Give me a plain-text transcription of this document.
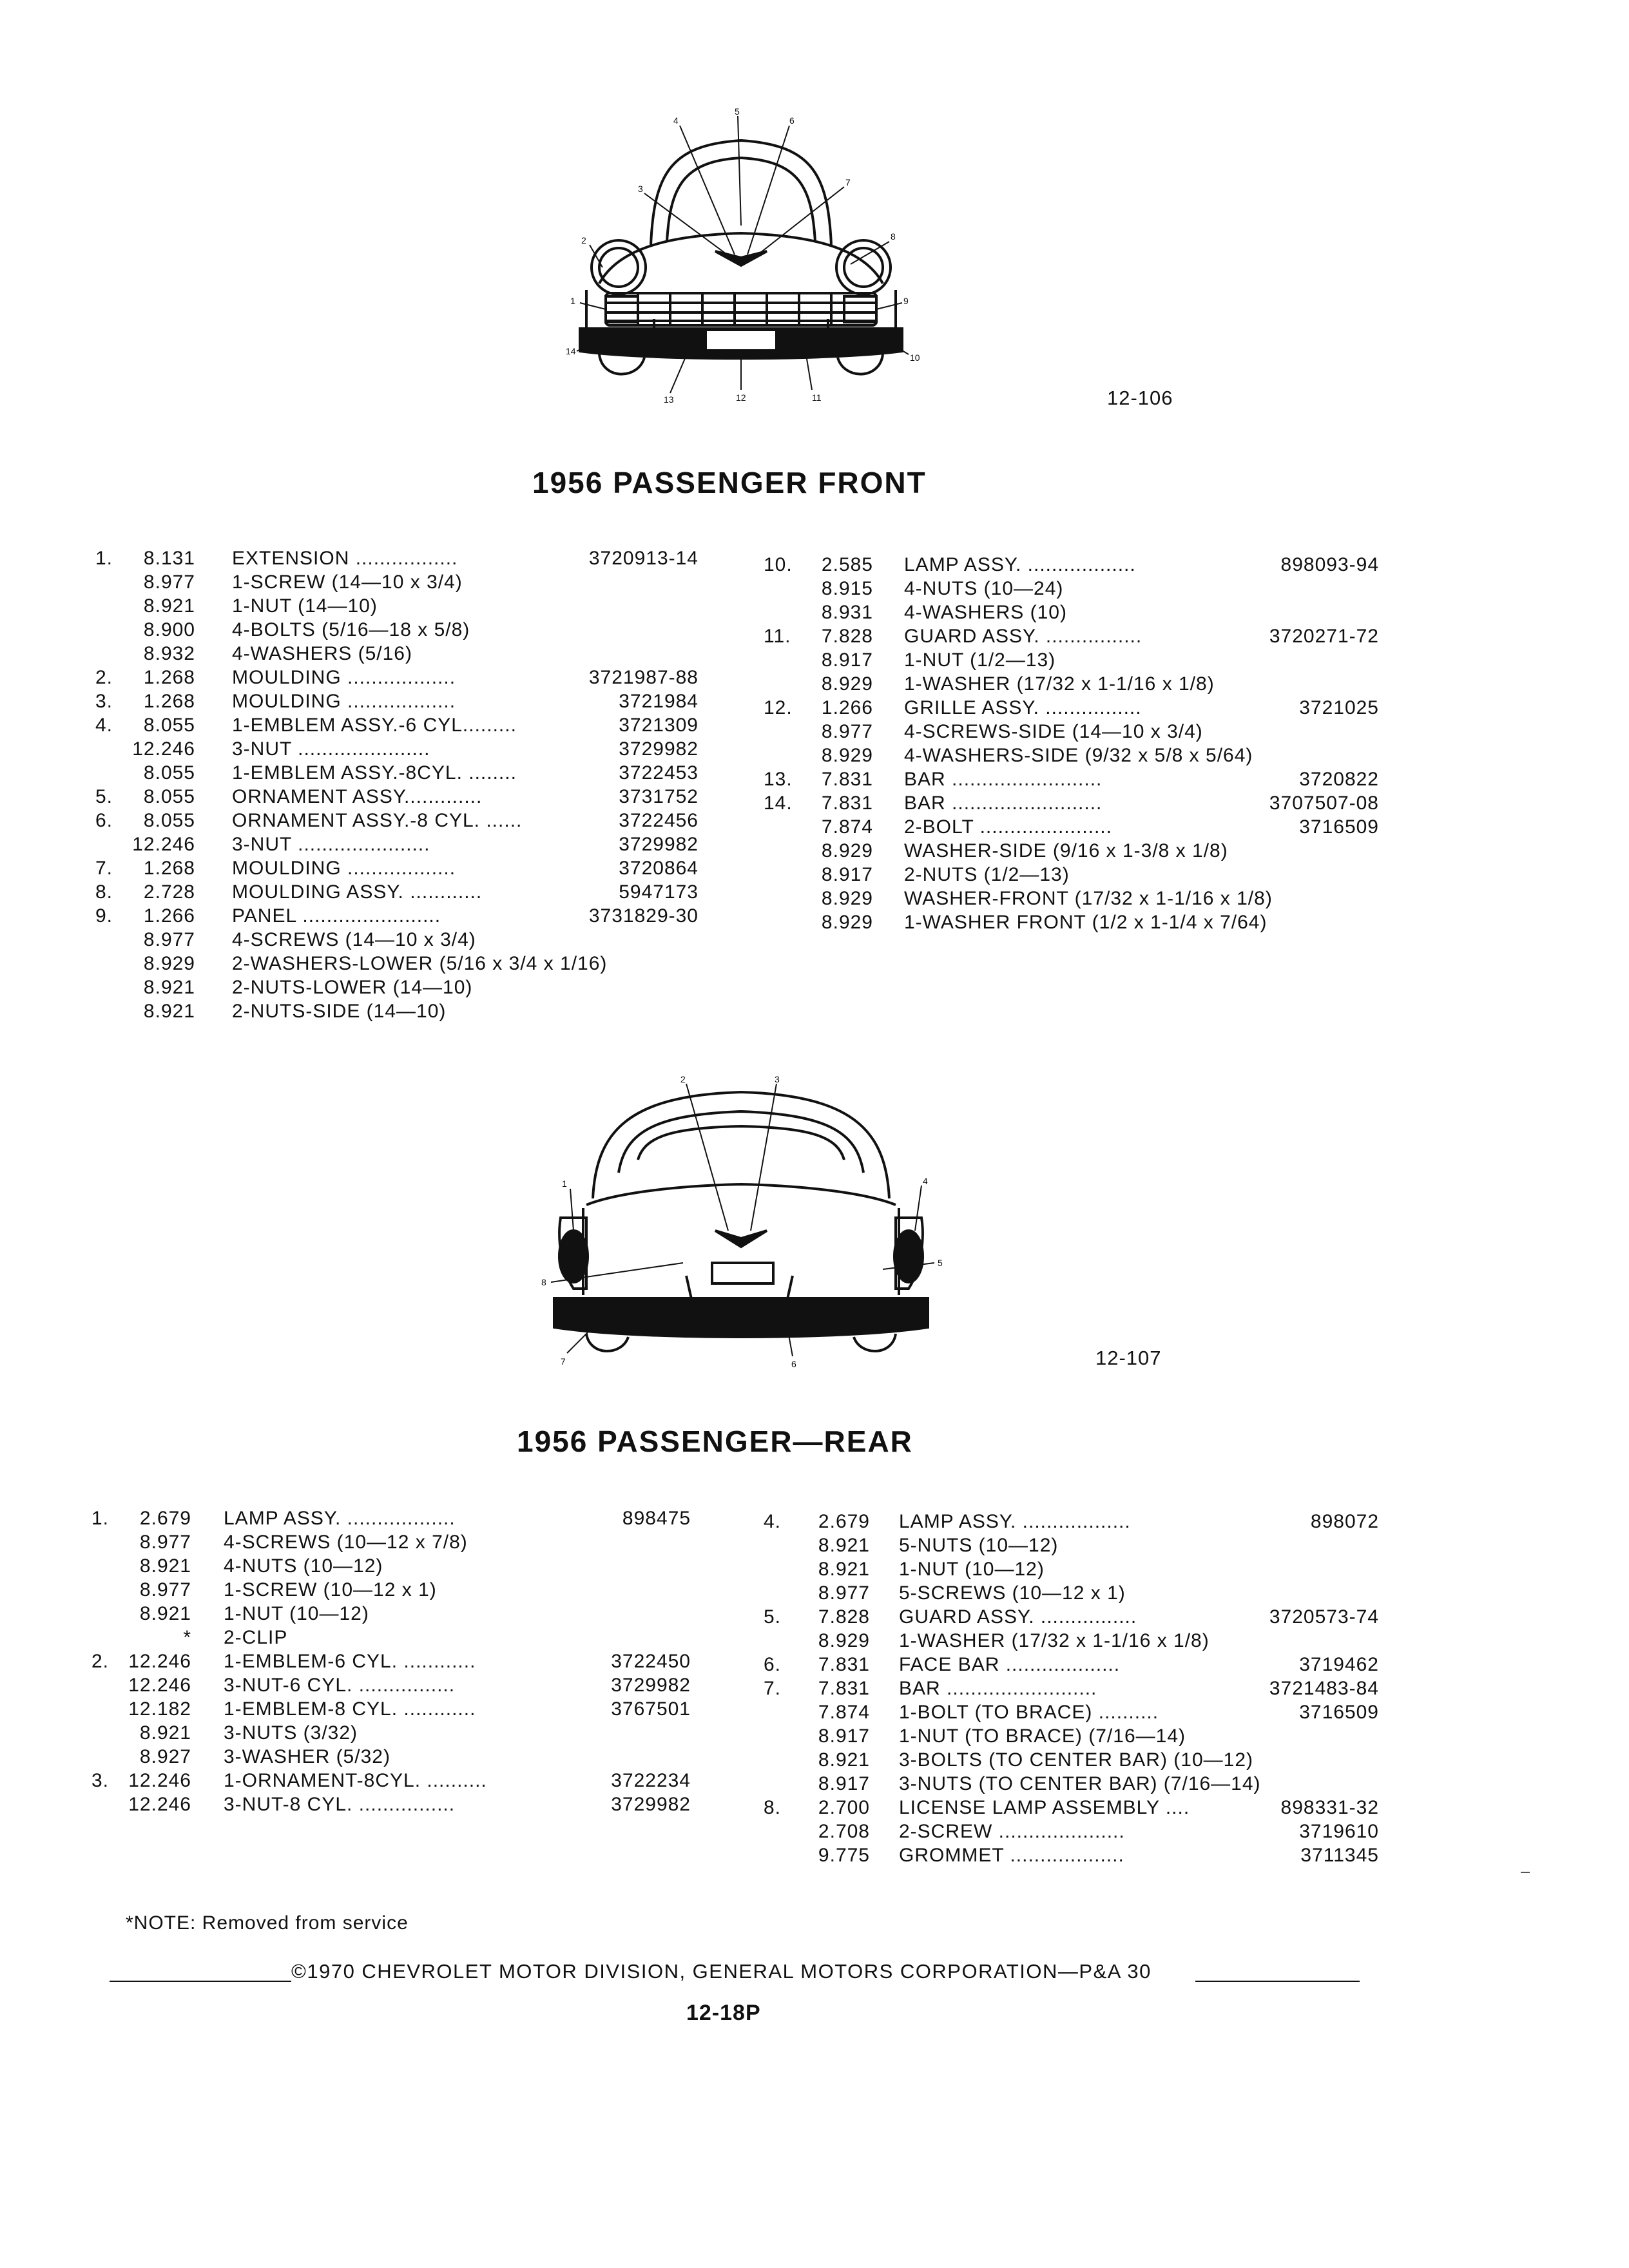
5
6
4
3
7
8
9
10
2
1
14
13	12	11	12-106
1956 PASSENGER FRONT
1. 8.131 EXTENSION .................	3720913-14
8.977 1-SCREW (14—10 x 3/4)
8.921 1-NUT (14—10)
8.900 4-BOLTS (5/16—18 x 5/8)
8.932 4-WASHERS (5/16)
2. 1.268 MOULDING ..................	3721987-88
3. 1.268 MOULDING ..................	3721984
4. 8.055 1-EMBLEM ASSY.-6 CYL.........	3721309
12.246 3-NUT ......................	3729982
8.055 1-EMBLEM ASSY.-8CYL. ........	3722453
5. 8.055 ORNAMENT ASSY.............	3731752
6. 8.055 ORNAMENT ASSY.-8 CYL. ......	3722456
12.246 3-NUT ......................	3729982
7. 1.268 MOULDING ..................	3720864
8. 2.728 MOULDING ASSY. ............	5947173
9. 1.266 PANEL .......................	3731829-30
8.977 4-SCREWS (14—10 x 3/4)
8.929 2-WASHERS-LOWER (5/16 x 3/4 x 1/16)
8.921 2-NUTS-LOWER (14—10)
8.921 2-NUTS-SIDE (14—10)
10. 2.585 LAMP ASSY. ..................	898093-94
8.915 4-NUTS (10—24)
8.931 4-WASHERS (10)
11. 7.828 GUARD ASSY. ................	3720271-72
8.917 1-NUT (1/2—13)
8.929 1-WASHER (17/32 x 1-1/16 x 1/8)
12. 1.266 GRILLE ASSY. ................	3721025
8.977 4-SCREWS-SIDE (14—10 x 3/4)
8.929 4-WASHERS-SIDE (9/32 x 5/8 x 5/64)
13. 7.831 BAR .........................	3720822
14. 7.831 BAR .........................	3707507-08
7.874 2-BOLT ......................	3716509
8.929 WASHER-SIDE (9/16 x 1-3/8 x 1/8)
8.917 2-NUTS (1/2—13)
8.929 WASHER-FRONT (17/32 x 1-1/16 x 1/8)
8.929 1-WASHER FRONT (1/2 x 1-1/4 x 7/64)
2	3
1	4
5
6
7
8
12-107
1956 PASSENGER—REAR
1. 2.679 LAMP ASSY. ..................	898475
8.977 4-SCREWS (10—12 x 7/8)
8.921 4-NUTS (10—12)
8.977 1-SCREW (10—12 x 1)
8.921 1-NUT (10—12)
* 2-CLIP
2. 12.246 1-EMBLEM-6 CYL. ............	3722450
12.246 3-NUT-6 CYL. ................	3729982
12.182 1-EMBLEM-8 CYL. ............	3767501
8.921 3-NUTS (3/32)
8.927 3-WASHER (5/32)
3. 12.246 1-ORNAMENT-8CYL. ..........	3722234
12.246 3-NUT-8 CYL. ................	3729982
4. 2.679 LAMP ASSY. ..................	898072
8.921 5-NUTS (10—12)
8.921 1-NUT (10—12)
8.977 5-SCREWS (10—12 x 1)
5. 7.828 GUARD ASSY. ................	3720573-74
8.929 1-WASHER (17/32 x 1-1/16 x 1/8)
6. 7.831 FACE BAR ...................	3719462
7. 7.831 BAR .........................	3721483-84
7.874 1-BOLT (TO BRACE) ..........	3716509
8.917 1-NUT (TO BRACE) (7/16—14)
8.921 3-BOLTS (TO CENTER BAR) (10—12)
8.917 3-NUTS (TO CENTER BAR) (7/16—14)
8. 2.700 LICENSE LAMP ASSEMBLY ....	898331-32
2.708 2-SCREW .....................	3719610
9.775 GROMMET ...................	3711345
*NOTE: Removed from service
©1970 CHEVROLET MOTOR DIVISION, GENERAL MOTORS CORPORATION—P&A 30
12-18P
